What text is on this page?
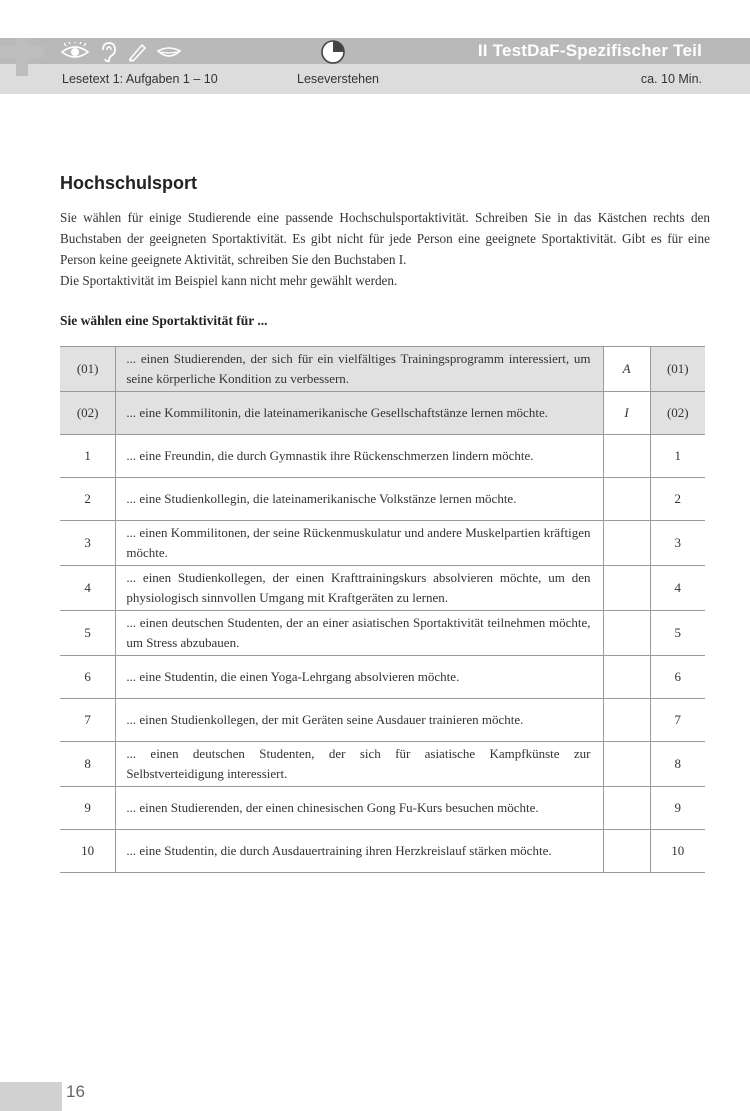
II TestDaF-Spezifischer Teil
Lesetext 1: Aufgaben 1 – 10	Leseverstehen	ca. 10 Min.
Hochschulsport

Sie wählen für einige Studierende eine passende Hochschulsportaktivität. Schreiben Sie in das Kästchen rechts den Buchstaben der geeigneten Sportaktivität. Es gibt nicht für jede Person eine geeignete Sportaktivität. Gibt es für eine Person keine geeignete Aktivität, schreiben Sie den Buchstaben I.

Die Sportaktivität im Beispiel kann nicht mehr gewählt werden.

Sie wählen eine Sportaktivität für ...
(01)	... einen Studierenden, der sich für ein vielfältiges Trainingsprogramm interessiert, um seine körperliche Kondition zu verbessern.	A	(01)
(02)	... eine Kommilitonin, die lateinamerikanische Gesellschaftstänze lernen möchte.	I	(02)
1	... eine Freundin, die durch Gymnastik ihre Rückenschmerzen lindern möchte.		1
2	... eine Studienkollegin, die lateinamerikanische Volkstänze lernen möchte.		2
3	... einen Kommilitonen, der seine Rückenmuskulatur und andere Muskelpartien kräftigen möchte.		3
4	... einen Studienkollegen, der einen Krafttrainingskurs absolvieren möchte, um den physiologisch sinnvollen Umgang mit Kraftgeräten zu lernen.		4
5	... einen deutschen Studenten, der an einer asiatischen Sportaktivität teilnehmen möchte, um Stress abzubauen.		5
6	... eine Studentin, die einen Yoga-Lehrgang absolvieren möchte.		6
7	... einen Studienkollegen, der mit Geräten seine Ausdauer trainieren möchte.		7
8	... einen deutschen Studenten, der sich für asiatische Kampfkünste zur Selbstverteidigung interessiert.		8
9	... einen Studierenden, der einen chinesischen Gong Fu-Kurs besuchen möchte.		9
10	... eine Studentin, die durch Ausdauertraining ihren Herzkreislauf stärken möchte.		10
16
